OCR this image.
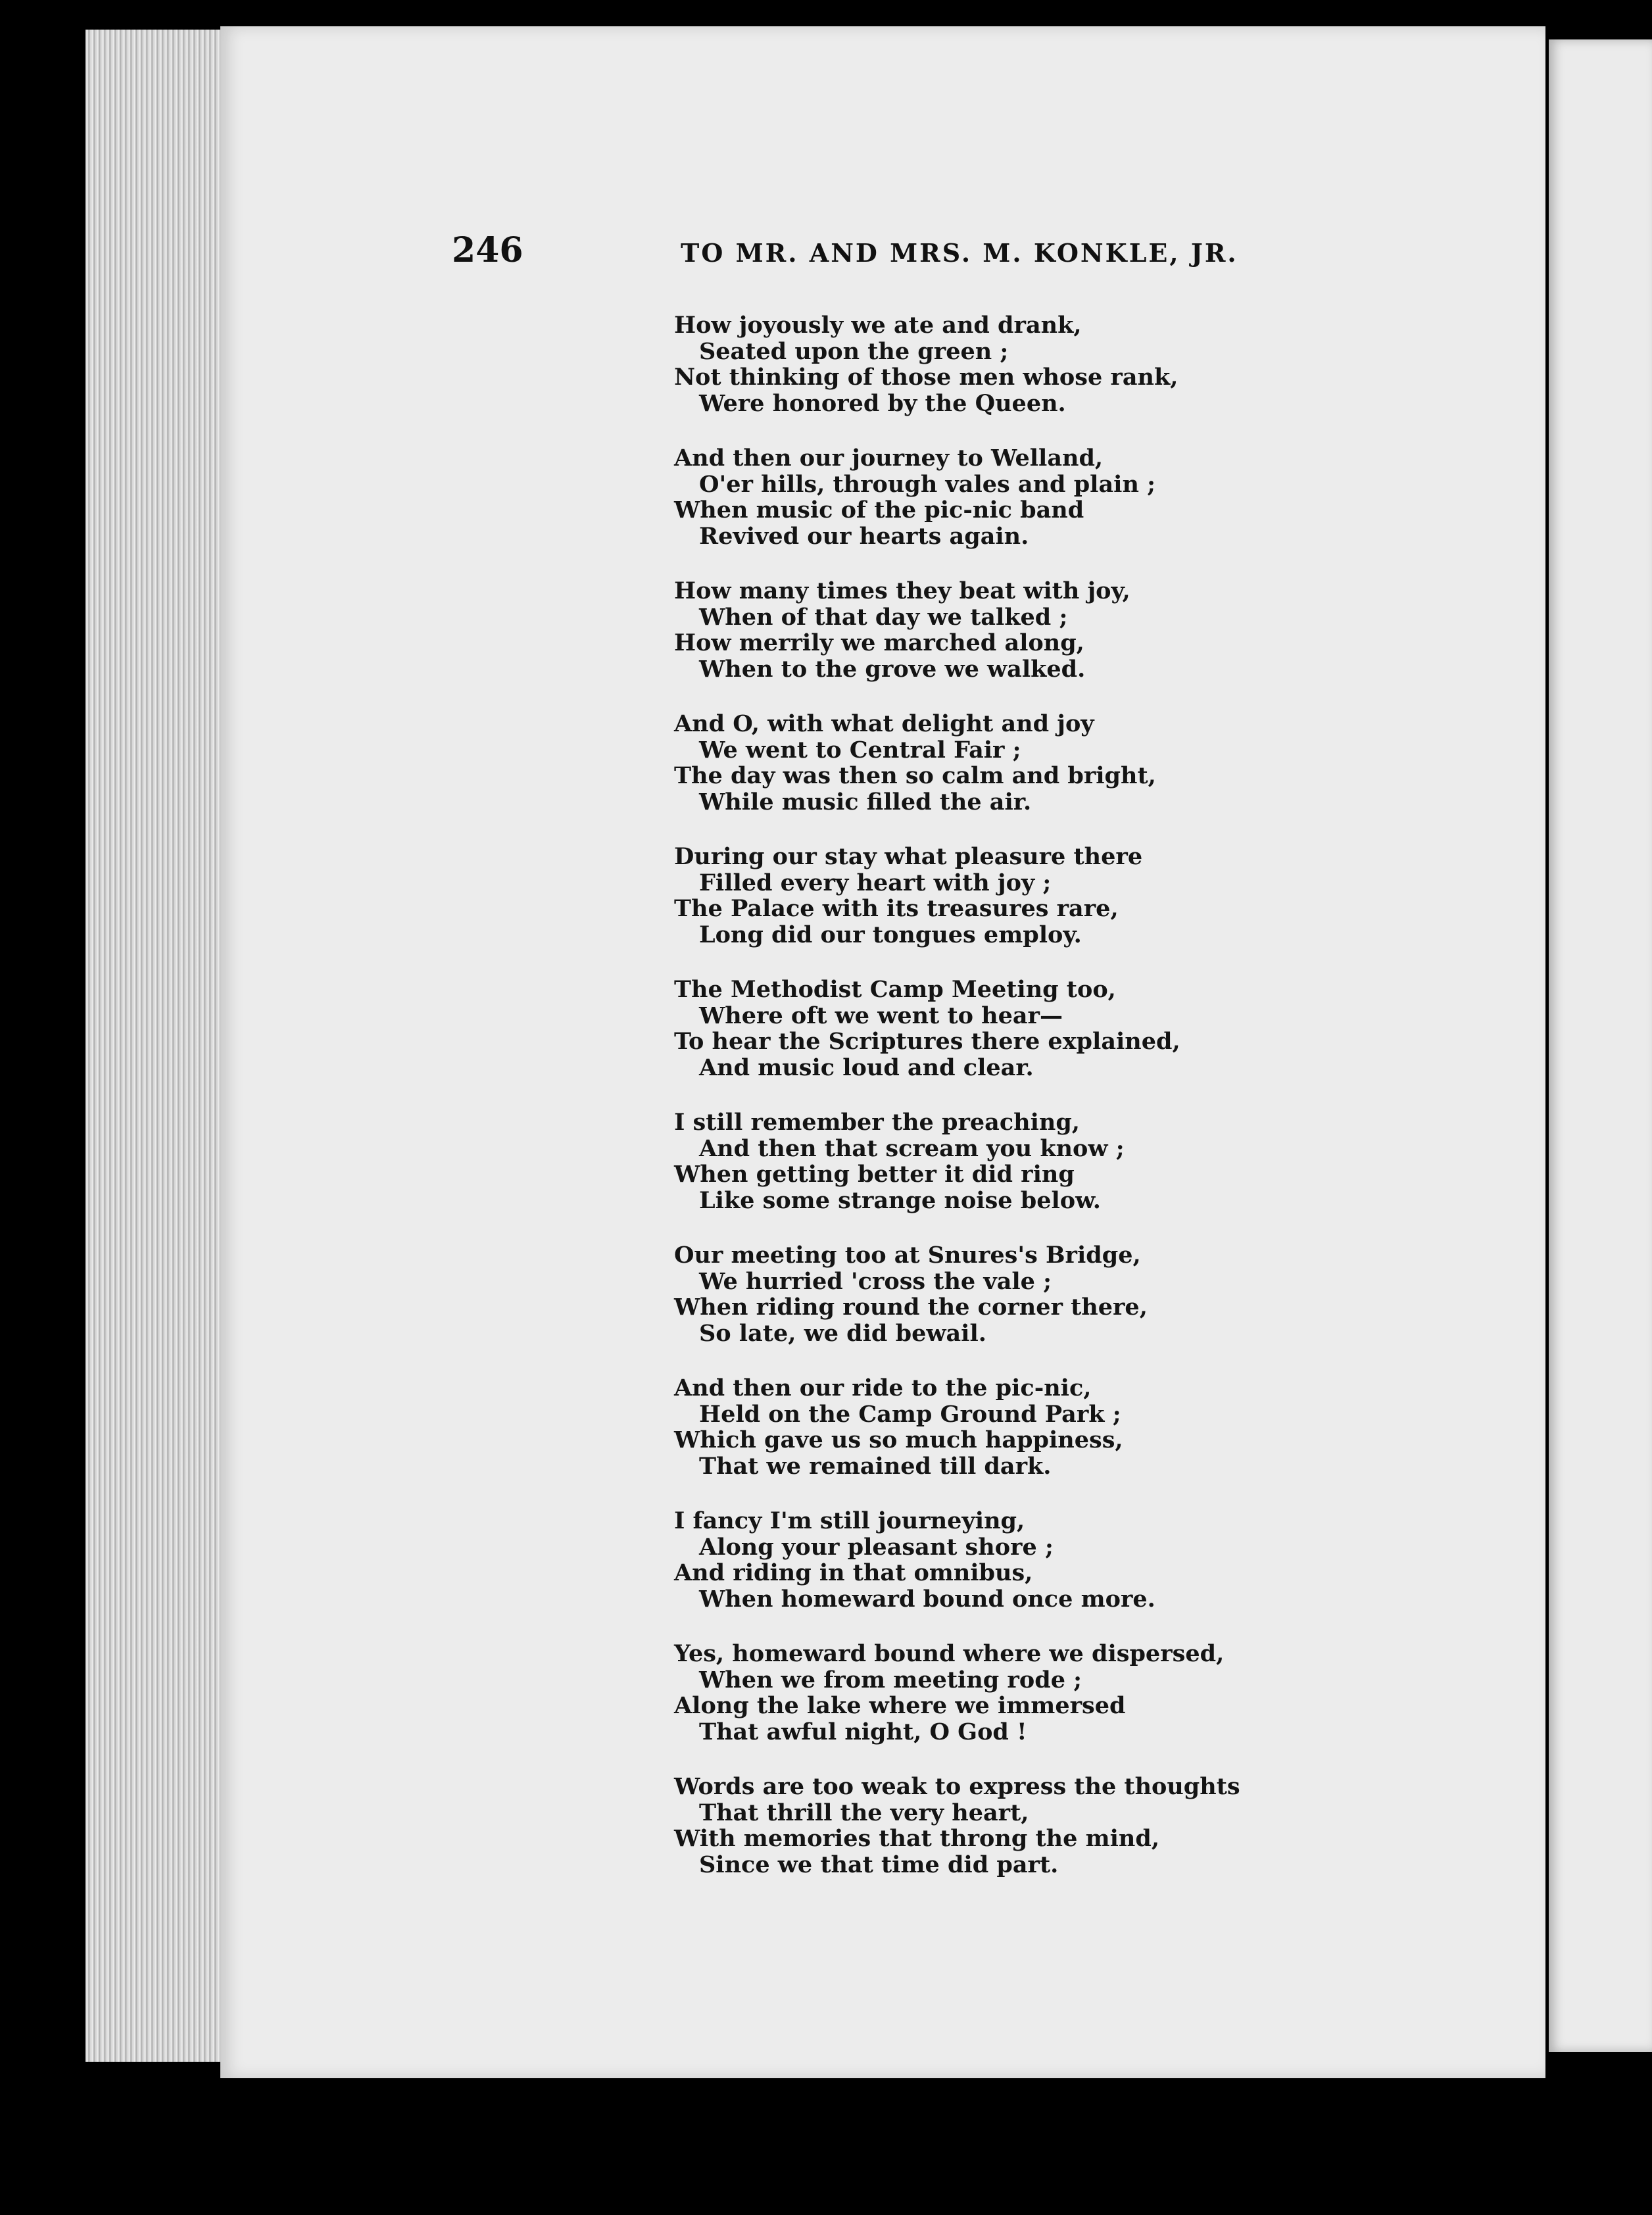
246	TO MR. AND MRS. M. KONKLE, JR.
How joyously we ate and drank,
Seated upon the green ;
Not thinking of those men whose rank,
Were honored by the Queen.
And then our journey to Welland,
O'er hills, through vales and plain ;
When music of the pic-nic band
Revived our hearts again.
How many times they beat with joy,
When of that day we talked ;
How merrily we marched along,
When to the grove we walked.
And O, with what delight and joy
We went to Central Fair ;
The day was then so calm and bright,
While music filled the air.
During our stay what pleasure there
Filled every heart with joy ;
The Palace with its treasures rare,
Long did our tongues employ.
The Methodist Camp Meeting too,
Where oft we went to hear—
To hear the Scriptures there explained,
And music loud and clear.
I still remember the preaching,
And then that scream you know ;
When getting better it did ring
Like some strange noise below.
Our meeting too at Snures's Bridge,
We hurried 'cross the vale ;
When riding round the corner there,
So late, we did bewail.
And then our ride to the pic-nic,
Held on the Camp Ground Park ;
Which gave us so much happiness,
That we remained till dark.
I fancy I'm still journeying,
Along your pleasant shore ;
And riding in that omnibus,
When homeward bound once more.
Yes, homeward bound where we dispersed,
When we from meeting rode ;
Along the lake where we immersed
That awful night, O God !
Words are too weak to express the thoughts
That thrill the very heart,
With memories that throng the mind,
Since we that time did part.
